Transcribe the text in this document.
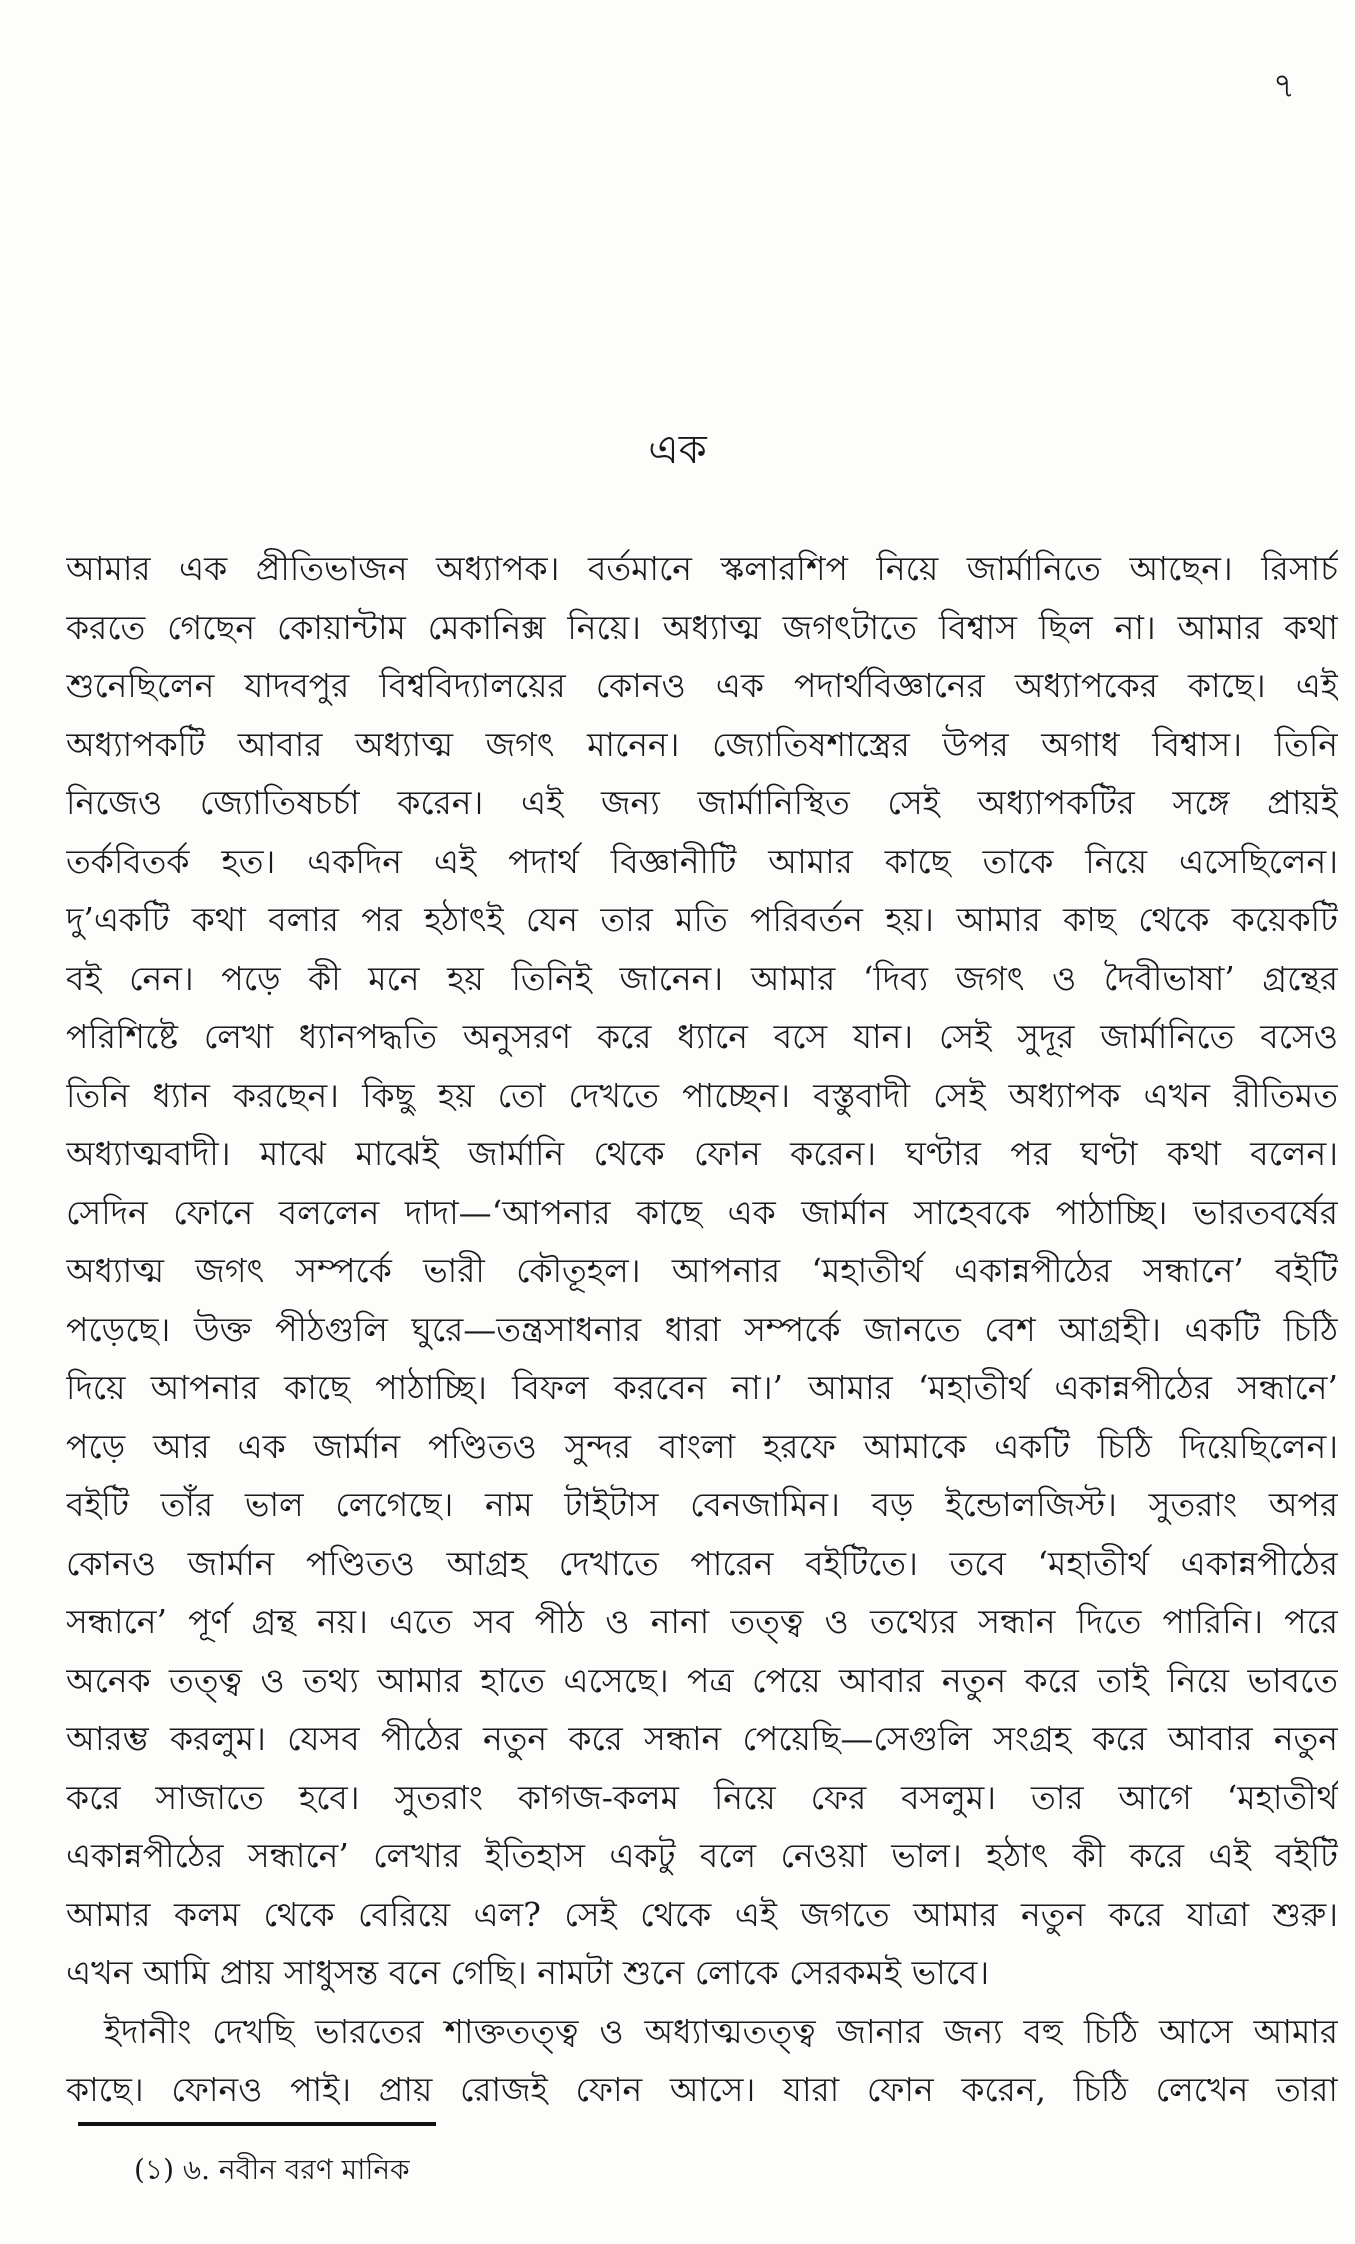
৭
এক
আমার এক প্রীতিভাজন অধ্যাপক। বর্তমানে স্কলারশিপ নিয়ে জার্মানিতে আছেন। রিসার্চ
করতে গেছেন কোয়ান্টাম মেকানিক্স নিয়ে। অধ্যাত্ম জগৎটাতে বিশ্বাস ছিল না। আমার কথা
শুনেছিলেন যাদবপুর বিশ্ববিদ্যালয়ের কোনও এক পদার্থবিজ্ঞানের অধ্যাপকের কাছে। এই
অধ্যাপকটি আবার অধ্যাত্ম জগৎ মানেন। জ্যোতিষশাস্ত্রের উপর অগাধ বিশ্বাস। তিনি
নিজেও জ্যোতিষচর্চা করেন। এই জন্য জার্মানিস্থিত সেই অধ্যাপকটির সঙ্গে প্রায়ই
তর্কবিতর্ক হত। একদিন এই পদার্থ বিজ্ঞানীটি আমার কাছে তাকে নিয়ে এসেছিলেন।
দু’একটি কথা বলার পর হঠাৎই যেন তার মতি পরিবর্তন হয়। আমার কাছ থেকে কয়েকটি
বই নেন। পড়ে কী মনে হয় তিনিই জানেন। আমার ‘দিব্য জগৎ ও দৈবীভাষা’ গ্রন্থের
পরিশিষ্টে লেখা ধ্যানপদ্ধতি অনুসরণ করে ধ্যানে বসে যান। সেই সুদূর জার্মানিতে বসেও
তিনি ধ্যান করছেন। কিছু হয় তো দেখতে পাচ্ছেন। বস্তুবাদী সেই অধ্যাপক এখন রীতিমত
অধ্যাত্মবাদী। মাঝে মাঝেই জার্মানি থেকে ফোন করেন। ঘণ্টার পর ঘণ্টা কথা বলেন।
সেদিন ফোনে বললেন দাদা—‘আপনার কাছে এক জার্মান সাহেবকে পাঠাচ্ছি। ভারতবর্ষের
অধ্যাত্ম জগৎ সম্পর্কে ভারী কৌতূহল। আপনার ‘মহাতীর্থ একান্নপীঠের সন্ধানে’ বইটি
পড়েছে। উক্ত পীঠগুলি ঘুরে—তন্ত্রসাধনার ধারা সম্পর্কে জানতে বেশ আগ্রহী। একটি চিঠি
দিয়ে আপনার কাছে পাঠাচ্ছি। বিফল করবেন না।’ আমার ‘মহাতীর্থ একান্নপীঠের সন্ধানে’
পড়ে আর এক জার্মান পণ্ডিতও সুন্দর বাংলা হরফে আমাকে একটি চিঠি দিয়েছিলেন।
বইটি তাঁর ভাল লেগেছে। নাম টাইটাস বেনজামিন। বড় ইন্ডোলজিস্ট। সুতরাং অপর
কোনও জার্মান পণ্ডিতও আগ্রহ দেখাতে পারেন বইটিতে। তবে ‘মহাতীর্থ একান্নপীঠের
সন্ধানে’ পূর্ণ গ্রন্থ নয়। এতে সব পীঠ ও নানা তত্ত্ব ও তথ্যের সন্ধান দিতে পারিনি। পরে
অনেক তত্ত্ব ও তথ্য আমার হাতে এসেছে। পত্র পেয়ে আবার নতুন করে তাই নিয়ে ভাবতে
আরম্ভ করলুম। যেসব পীঠের নতুন করে সন্ধান পেয়েছি—সেগুলি সংগ্রহ করে আবার নতুন
করে সাজাতে হবে। সুতরাং কাগজ-কলম নিয়ে ফের বসলুম। তার আগে ‘মহাতীর্থ
একান্নপীঠের সন্ধানে’ লেখার ইতিহাস একটু বলে নেওয়া ভাল। হঠাৎ কী করে এই বইটি
আমার কলম থেকে বেরিয়ে এল? সেই থেকে এই জগতে আমার নতুন করে যাত্রা শুরু।
এখন আমি প্রায় সাধুসন্ত বনে গেছি। নামটা শুনে লোকে সেরকমই ভাবে।
ইদানীং দেখছি ভারতের শাক্ততত্ত্ব ও অধ্যাত্মতত্ত্ব জানার জন্য বহু চিঠি আসে আমার
কাছে। ফোনও পাই। প্রায় রোজই ফোন আসে। যারা ফোন করেন, চিঠি লেখেন তারা
(১) ৬. নবীন বরণ মানিক
